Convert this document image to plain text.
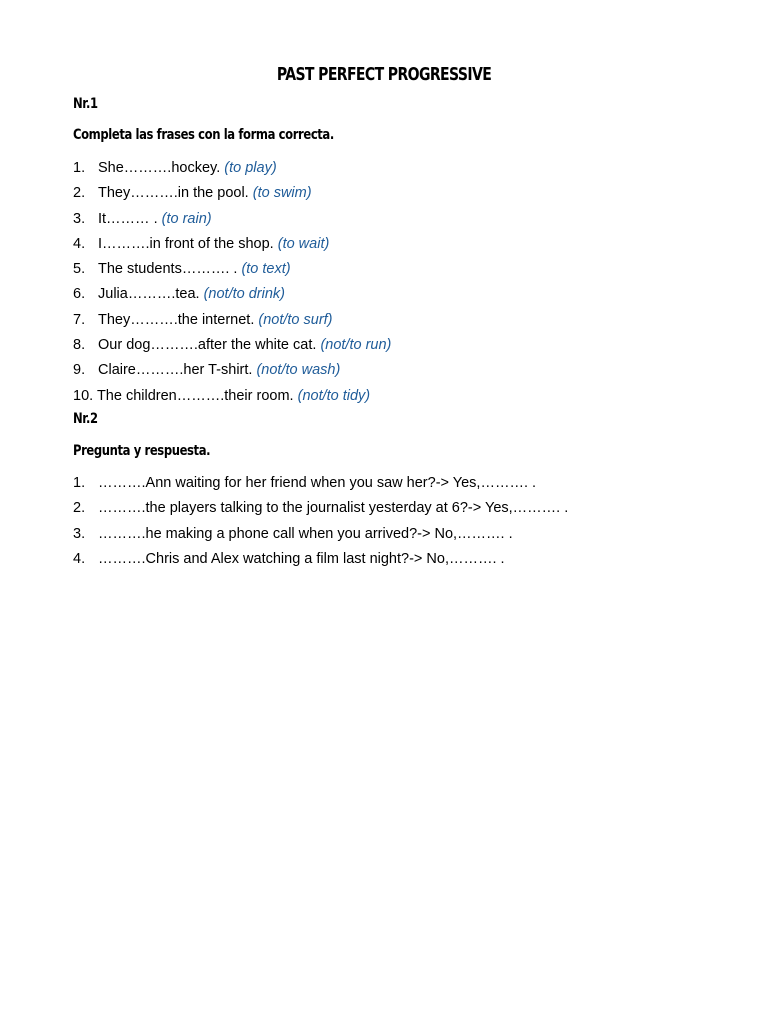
PAST PERFECT PROGRESSIVE
Nr.1
Completa las frases con la forma correcta.
1. She……….hockey. (to play)
2. They……….in the pool. (to swim)
3. It……… . (to rain)
4. I……….in front of the shop. (to wait)
5. The students………. . (to text)
6. Julia……….tea. (not/to drink)
7. They……….the internet. (not/to surf)
8. Our dog……….after the white cat. (not/to run)
9. Claire……….her T-shirt. (not/to wash)
10. The children……….their room. (not/to tidy)
Nr.2
Pregunta y respuesta.
1. ……….Ann waiting for her friend when you saw her?-> Yes,………. .
2. ……….the players talking to the journalist yesterday at 6?-> Yes,………. .
3. ……….he making a phone call when you arrived?-> No,………. .
4. ……….Chris and Alex watching a film last night?-> No,………. .
